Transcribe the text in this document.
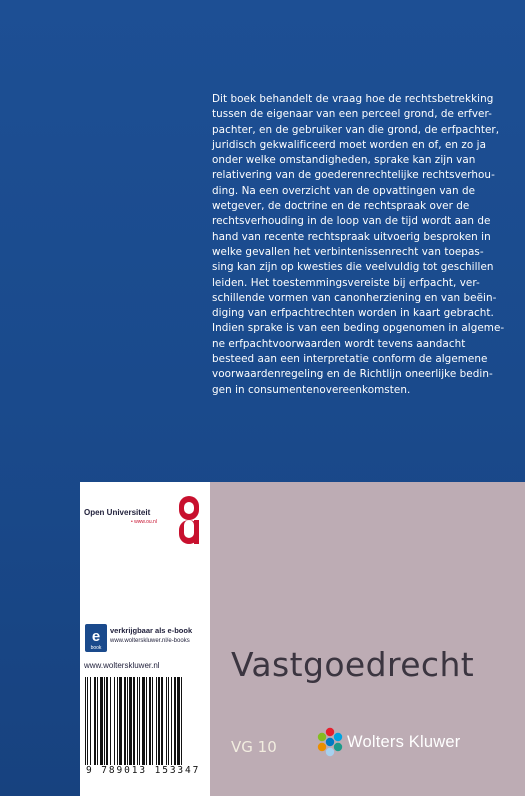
Dit boek behandelt de vraag hoe de rechtsbetrekking
tussen de eigenaar van een perceel grond, de erfver-
pachter, en de gebruiker van die grond, de erfpachter,
juridisch gekwalificeerd moet worden en of, en zo ja
onder welke omstandigheden, sprake kan zijn van
relativering van de goederenrechtelijke rechtsverhou-
ding. Na een overzicht van de opvattingen van de
wetgever, de doctrine en de rechtspraak over de
rechtsverhouding in de loop van de tijd wordt aan de
hand van recente rechtspraak uitvoerig besproken in
welke gevallen het verbintenissenrecht van toepas-
sing kan zijn op kwesties die veelvuldig tot geschillen
leiden. Het toestemmingsvereiste bij erfpacht, ver-
schillende vormen van canonherziening en van beëin-
diging van erfpachtrechten worden in kaart gebracht.
Indien sprake is van een beding opgenomen in algeme-
ne erfpachtvoorwaarden wordt tevens aandacht
besteed aan een interpretatie conform de algemene
voorwaardenregeling en de Richtlijn oneerlijke bedin-
gen in consumentenovereenkomsten.
Open Universiteit
• www.ou.nl
e
book
verkrijgbaar als e-book
www.wolterskluwer.nl/e-books
www.wolterskluwer.nl
9 789013 153347
Vastgoedrecht
VG 10	Wolters Kluwer
